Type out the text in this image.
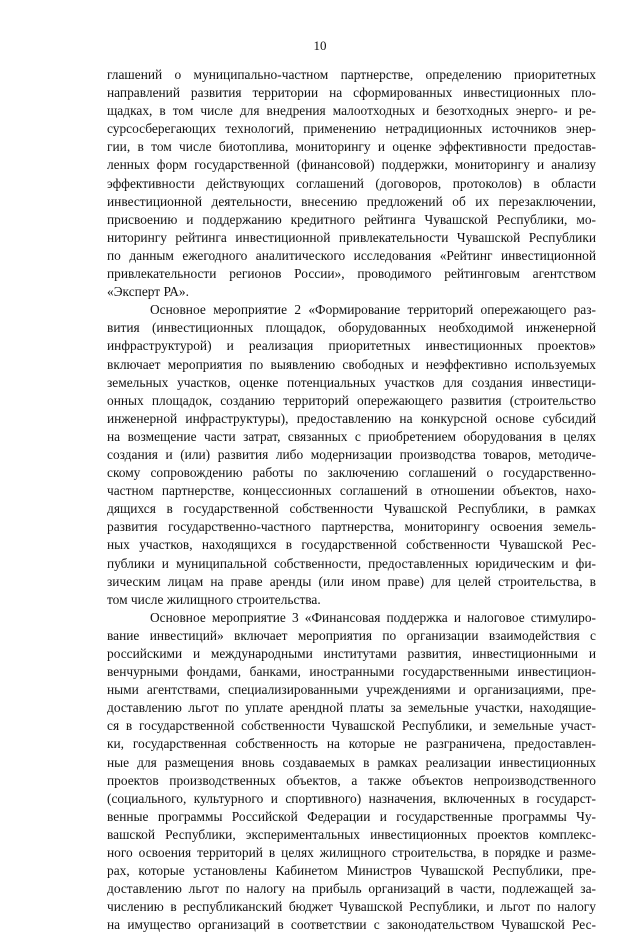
10
глашений о муниципально-частном партнерстве, определению приоритетных
направлений развития территории на сформированных инвестиционных пло-
щадках, в том числе для внедрения малоотходных и безотходных энерго- и ре-
сурсосберегающих технологий, применению нетрадиционных источников энер-
гии, в том числе биотоплива, мониторингу и оценке эффективности предостав-
ленных форм государственной (финансовой) поддержки, мониторингу и анализу
эффективности действующих соглашений (договоров, протоколов) в области
инвестиционной деятельности, внесению предложений об их перезаключении,
присвоению и поддержанию кредитного рейтинга Чувашской Республики, мо-
ниторингу рейтинга инвестиционной привлекательности Чувашской Республики
по данным ежегодного аналитического исследования «Рейтинг инвестиционной
привлекательности регионов России», проводимого рейтинговым агентством
«Эксперт РА».
Основное мероприятие 2 «Формирование территорий опережающего раз-
вития (инвестиционных площадок, оборудованных необходимой инженерной
инфраструктурой) и реализация приоритетных инвестиционных проектов»
включает мероприятия по выявлению свободных и неэффективно используемых
земельных участков, оценке потенциальных участков для создания инвестици-
онных площадок, созданию территорий опережающего развития (строительство
инженерной инфраструктуры), предоставлению на конкурсной основе субсидий
на возмещение части затрат, связанных с приобретением оборудования в целях
создания и (или) развития либо модернизации производства товаров, методиче-
скому сопровождению работы по заключению соглашений о государственно-
частном партнерстве, концессионных соглашений в отношении объектов, нахо-
дящихся в государственной собственности Чувашской Республики, в рамках
развития государственно-частного партнерства, мониторингу освоения земель-
ных участков, находящихся в государственной собственности Чувашской Рес-
публики и муниципальной собственности, предоставленных юридическим и фи-
зическим лицам на праве аренды (или ином праве) для целей строительства, в
том числе жилищного строительства.
Основное мероприятие 3 «Финансовая поддержка и налоговое стимулиро-
вание инвестиций» включает мероприятия по организации взаимодействия с
российскими и международными институтами развития, инвестиционными и
венчурными фондами, банками, иностранными государственными инвестицион-
ными агентствами, специализированными учреждениями и организациями, пре-
доставлению льгот по уплате арендной платы за земельные участки, находящие-
ся в государственной собственности Чувашской Республики, и земельные участ-
ки, государственная собственность на которые не разграничена, предоставлен-
ные для размещения вновь создаваемых в рамках реализации инвестиционных
проектов производственных объектов, а также объектов непроизводственного
(социального, культурного и спортивного) назначения, включенных в государст-
венные программы Российской Федерации и государственные программы Чу-
вашской Республики, экспериментальных инвестиционных проектов комплекс-
ного освоения территорий в целях жилищного строительства, в порядке и разме-
рах, которые установлены Кабинетом Министров Чувашской Республики, пре-
доставлению льгот по налогу на прибыль организаций в части, подлежащей за-
числению в республиканский бюджет Чувашской Республики, и льгот по налогу
на имущество организаций в соответствии с законодательством Чувашской Рес-
